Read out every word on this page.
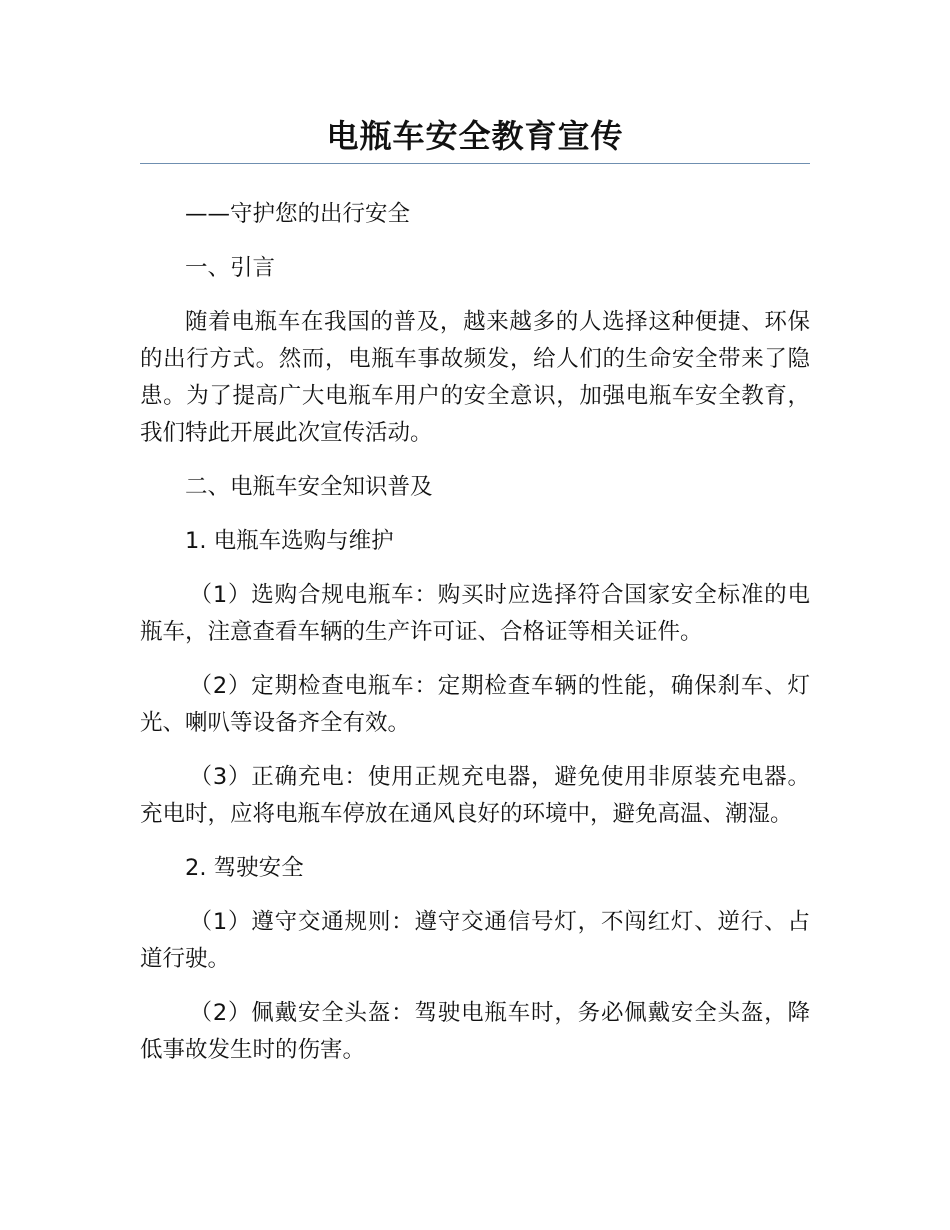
电瓶车安全教育宣传

——守护您的出行安全

一、引言

随着电瓶车在我国的普及，越来越多的人选择这种便捷、环保的出行方式。然而，电瓶车事故频发，给人们的生命安全带来了隐患。为了提高广大电瓶车用户的安全意识，加强电瓶车安全教育，我们特此开展此次宣传活动。

二、电瓶车安全知识普及

1. 电瓶车选购与维护

（1）选购合规电瓶车：购买时应选择符合国家安全标准的电瓶车，注意查看车辆的生产许可证、合格证等相关证件。

（2）定期检查电瓶车：定期检查车辆的性能，确保刹车、灯光、喇叭等设备齐全有效。

（3）正确充电：使用正规充电器，避免使用非原装充电器。充电时，应将电瓶车停放在通风良好的环境中，避免高温、潮湿。

2. 驾驶安全

（1）遵守交通规则：遵守交通信号灯，不闯红灯、逆行、占道行驶。

（2）佩戴安全头盔：驾驶电瓶车时，务必佩戴安全头盔，降低事故发生时的伤害。
